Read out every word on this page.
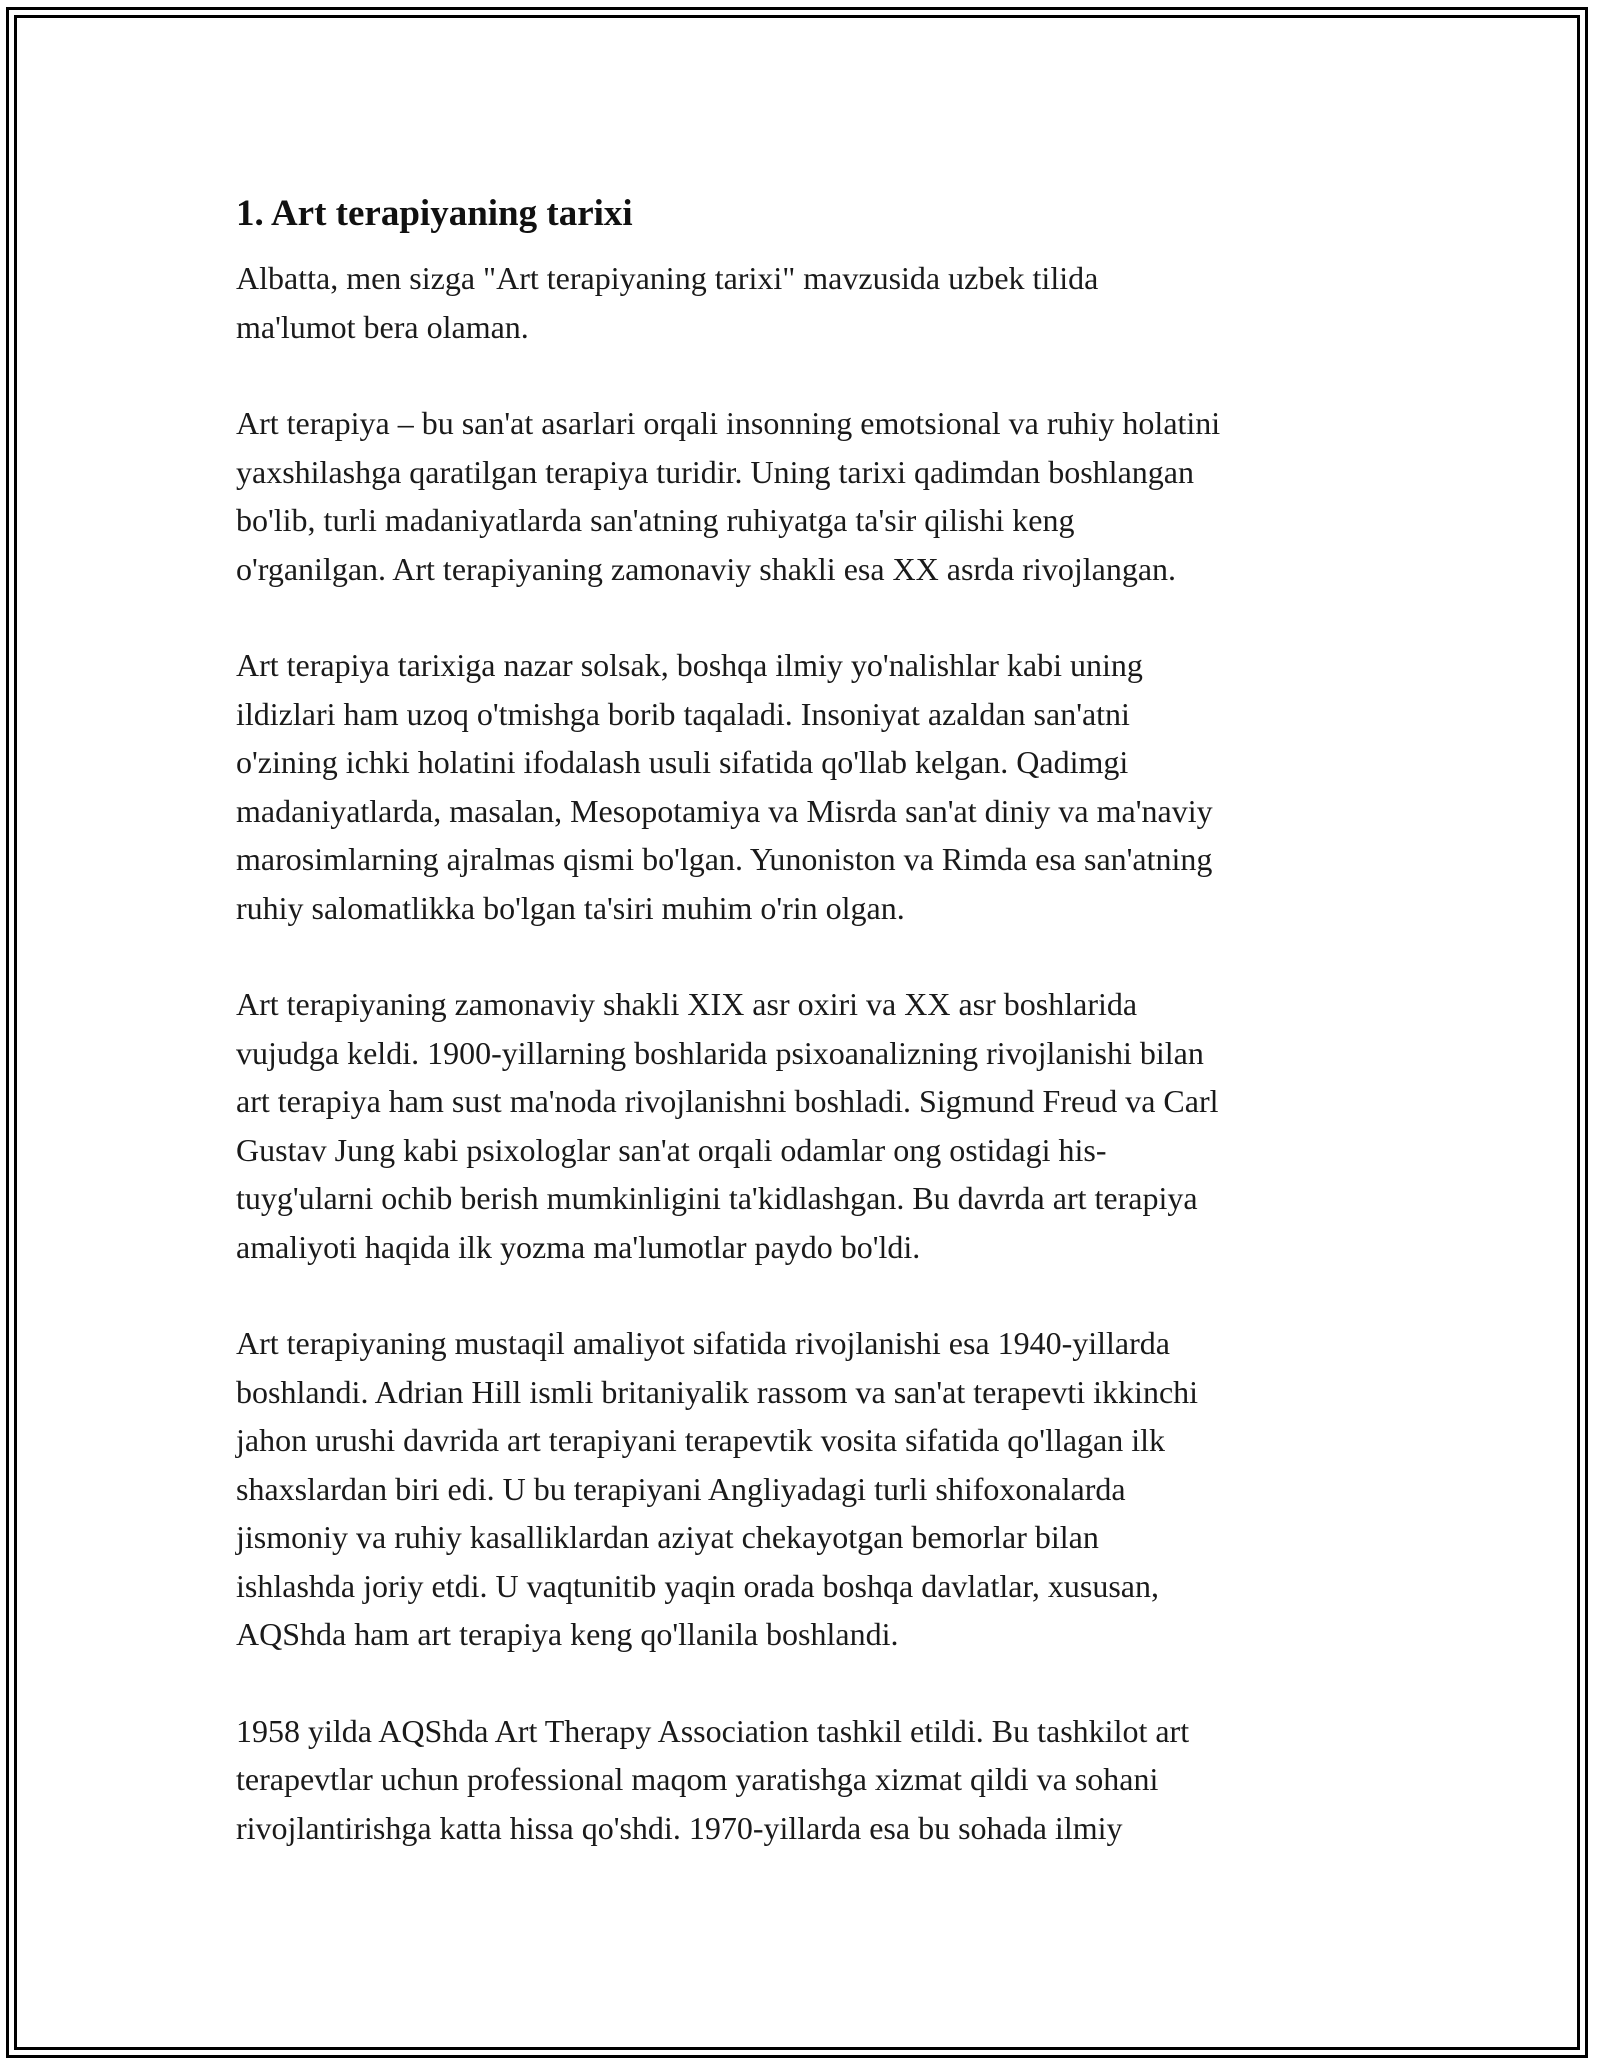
1. Art terapiyaning tarixi

Albatta, men sizga "Art terapiyaning tarixi" mavzusida uzbek tilida
ma'lumot bera olaman.

Art terapiya – bu san'at asarlari orqali insonning emotsional va ruhiy holatini
yaxshilashga qaratilgan terapiya turidir. Uning tarixi qadimdan boshlangan
bo'lib, turli madaniyatlarda san'atning ruhiyatga ta'sir qilishi keng
o'rganilgan. Art terapiyaning zamonaviy shakli esa XX asrda rivojlangan.

Art terapiya tarixiga nazar solsak, boshqa ilmiy yo'nalishlar kabi uning
ildizlari ham uzoq o'tmishga borib taqaladi. Insoniyat azaldan san'atni
o'zining ichki holatini ifodalash usuli sifatida qo'llab kelgan. Qadimgi
madaniyatlarda, masalan, Mesopotamiya va Misrda san'at diniy va ma'naviy
marosimlarning ajralmas qismi bo'lgan. Yunoniston va Rimda esa san'atning
ruhiy salomatlikka bo'lgan ta'siri muhim o'rin olgan.

Art terapiyaning zamonaviy shakli XIX asr oxiri va XX asr boshlarida
vujudga keldi. 1900-yillarning boshlarida psixoanalizning rivojlanishi bilan
art terapiya ham sust ma'noda rivojlanishni boshladi. Sigmund Freud va Carl
Gustav Jung kabi psixologlar san'at orqali odamlar ong ostidagi his-
tuyg'ularni ochib berish mumkinligini ta'kidlashgan. Bu davrda art terapiya
amaliyoti haqida ilk yozma ma'lumotlar paydo bo'ldi.

Art terapiyaning mustaqil amaliyot sifatida rivojlanishi esa 1940-yillarda
boshlandi. Adrian Hill ismli britaniyalik rassom va san'at terapevti ikkinchi
jahon urushi davrida art terapiyani terapevtik vosita sifatida qo'llagan ilk
shaxslardan biri edi. U bu terapiyani Angliyadagi turli shifoxonalarda
jismoniy va ruhiy kasalliklardan aziyat chekayotgan bemorlar bilan
ishlashda joriy etdi. U vaqtunitib yaqin orada boshqa davlatlar, xususan,
AQShda ham art terapiya keng qo'llanila boshlandi.

1958 yilda AQShda Art Therapy Association tashkil etildi. Bu tashkilot art
terapevtlar uchun professional maqom yaratishga xizmat qildi va sohani
rivojlantirishga katta hissa qo'shdi. 1970-yillarda esa bu sohada ilmiy
